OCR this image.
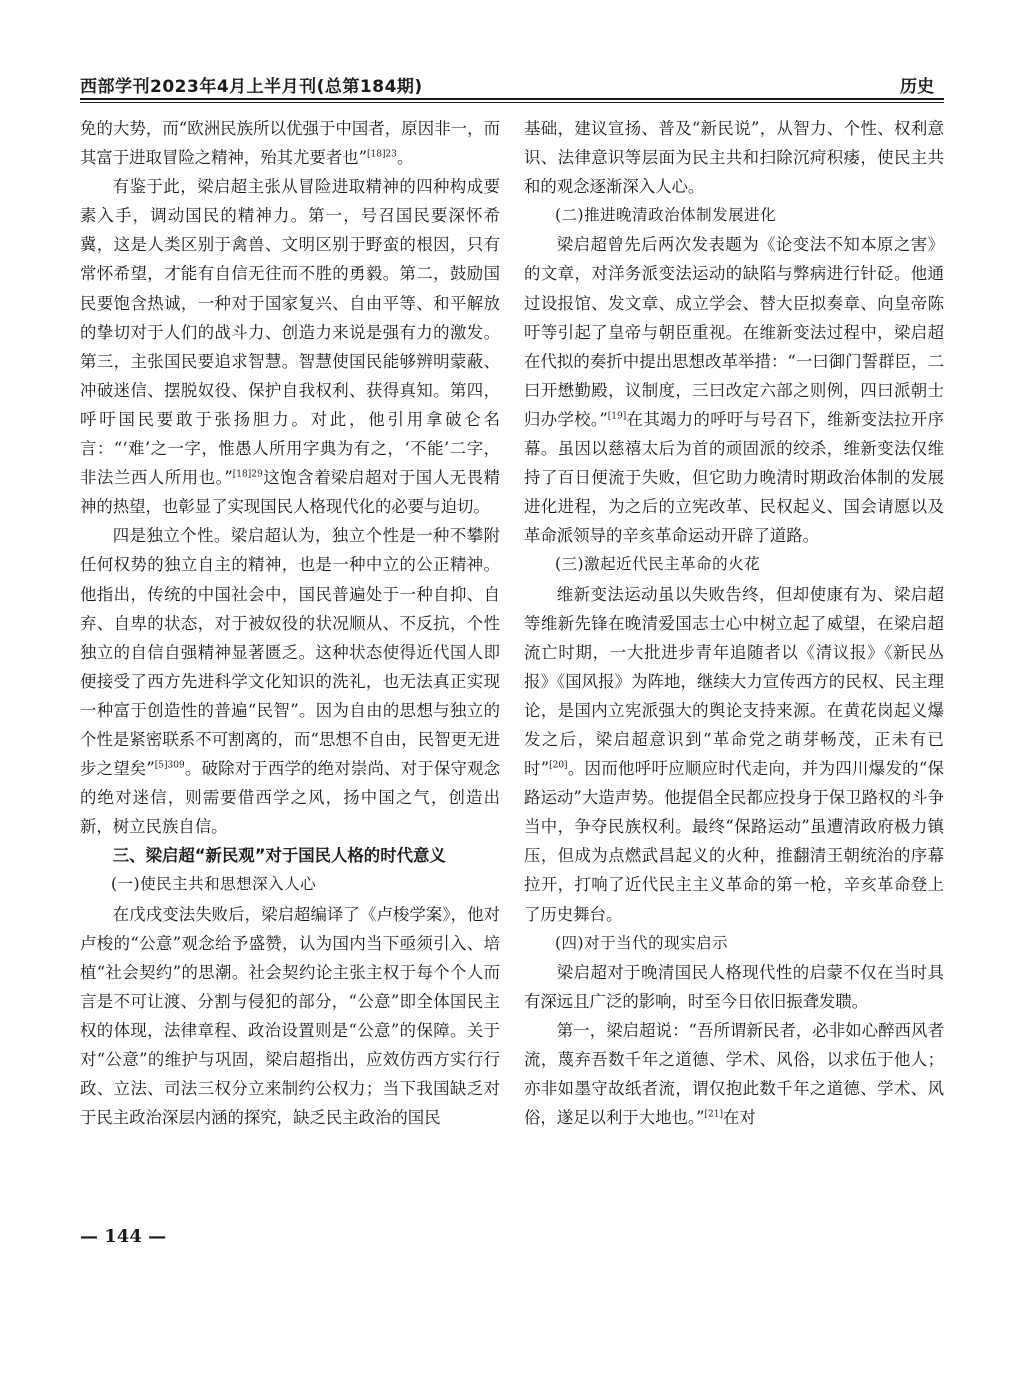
西部学刊2023年4月上半月刊(总第184期)	历史

免的大势，而“欧洲民族所以优强于中国者，原因非一，而其富于进取冒险之精神，殆其尤要者也”$^{[18]23}$。

有鉴于此，梁启超主张从冒险进取精神的四种构成要素入手，调动国民的精神力。第一，号召国民要深怀希冀，这是人类区别于禽兽、文明区别于野蛮的根因，只有常怀希望，才能有自信无往而不胜的勇毅。第二，鼓励国民要饱含热诚，一种对于国家复兴、自由平等、和平解放的挚切对于人们的战斗力、创造力来说是强有力的激发。第三，主张国民要追求智慧。智慧使国民能够辨明蒙蔽、冲破迷信、摆脱奴役、保护自我权利、获得真知。第四，呼吁国民要敢于张扬胆力。对此，他引用拿破仑名言：“‘难’之一字，惟愚人所用字典为有之，‘不能’二字，非法兰西人所用也。”$^{[18]29}$这饱含着梁启超对于国人无畏精神的热望，也彰显了实现国民人格现代化的必要与迫切。

四是独立个性。梁启超认为，独立个性是一种不攀附任何权势的独立自主的精神，也是一种中立的公正精神。他指出，传统的中国社会中，国民普遍处于一种自抑、自弃、自卑的状态，对于被奴役的状况顺从、不反抗，个性独立的自信自强精神显著匮乏。这种状态使得近代国人即便接受了西方先进科学文化知识的洗礼，也无法真正实现一种富于创造性的普遍“民智”。因为自由的思想与独立的个性是紧密联系不可割离的，而“思想不自由，民智更无进步之望矣”$^{[5]309}$。破除对于西学的绝对崇尚、对于保守观念的绝对迷信，则需要借西学之风，扬中国之气，创造出新，树立民族自信。

三、梁启超“新民观”对于国民人格的时代意义
(一)使民主共和思想深入人心

在戊戌变法失败后，梁启超编译了《卢梭学案》，他对卢梭的“公意”观念给予盛赞，认为国内当下亟须引入、培植“社会契约”的思潮。社会契约论主张主权于每个个人而言是不可让渡、分割与侵犯的部分，“公意”即全体国民主权的体现，法律章程、政治设置则是“公意”的保障。关于对“公意”的维护与巩固，梁启超指出，应效仿西方实行行政、立法、司法三权分立来制约公权力；当下我国缺乏对于民主政治深层内涵的探究，缺乏民主政治的国民

基础，建议宣扬、普及“新民说”，从智力、个性、权利意识、法律意识等层面为民主共和扫除沉疴积痿，使民主共和的观念逐渐深入人心。

(二)推进晚清政治体制发展进化

梁启超曾先后两次发表题为《论变法不知本原之害》的文章，对洋务派变法运动的缺陷与弊病进行针砭。他通过设报馆、发文章、成立学会、替大臣拟奏章、向皇帝陈吁等引起了皇帝与朝臣重视。在维新变法过程中，梁启超在代拟的奏折中提出思想改革举措：“一曰御门誓群臣，二曰开懋勤殿，议制度，三曰改定六部之则例，四曰派朝士归办学校。”[19]在其竭力的呼吁与号召下，维新变法拉开序幕。虽因以慈禧太后为首的顽固派的绞杀，维新变法仅维持了百日便流于失败，但它助力晚清时期政治体制的发展进化进程，为之后的立宪改革、民权起义、国会请愿以及革命派领导的辛亥革命运动开辟了道路。

(三)激起近代民主革命的火花

维新变法运动虽以失败告终，但却使康有为、梁启超等维新先锋在晚清爱国志士心中树立起了威望，在梁启超流亡时期，一大批进步青年追随者以《清议报》《新民丛报》《国风报》为阵地，继续大力宣传西方的民权、民主理论，是国内立宪派强大的舆论支持来源。在黄花岗起义爆发之后，梁启超意识到“革命党之萌芽畅茂，正未有已时”[20]。因而他呼吁应顺应时代走向，并为四川爆发的“保路运动”大造声势。他提倡全民都应投身于保卫路权的斗争当中，争夺民族权利。最终“保路运动”虽遭清政府极力镇压，但成为点燃武昌起义的火种，推翻清王朝统治的序幕拉开，打响了近代民主主义革命的第一枪，辛亥革命登上了历史舞台。

(四)对于当代的现实启示

梁启超对于晚清国民人格现代性的启蒙不仅在当时具有深远且广泛的影响，时至今日依旧振聋发聩。

第一，梁启超说：“吾所谓新民者，必非如心醉西风者流，蔑弃吾数千年之道德、学术、风俗，以求伍于他人；亦非如墨守故纸者流，谓仅抱此数千年之道德、学术、风俗，遂足以利于大地也。”[21]在对

— 144 —
